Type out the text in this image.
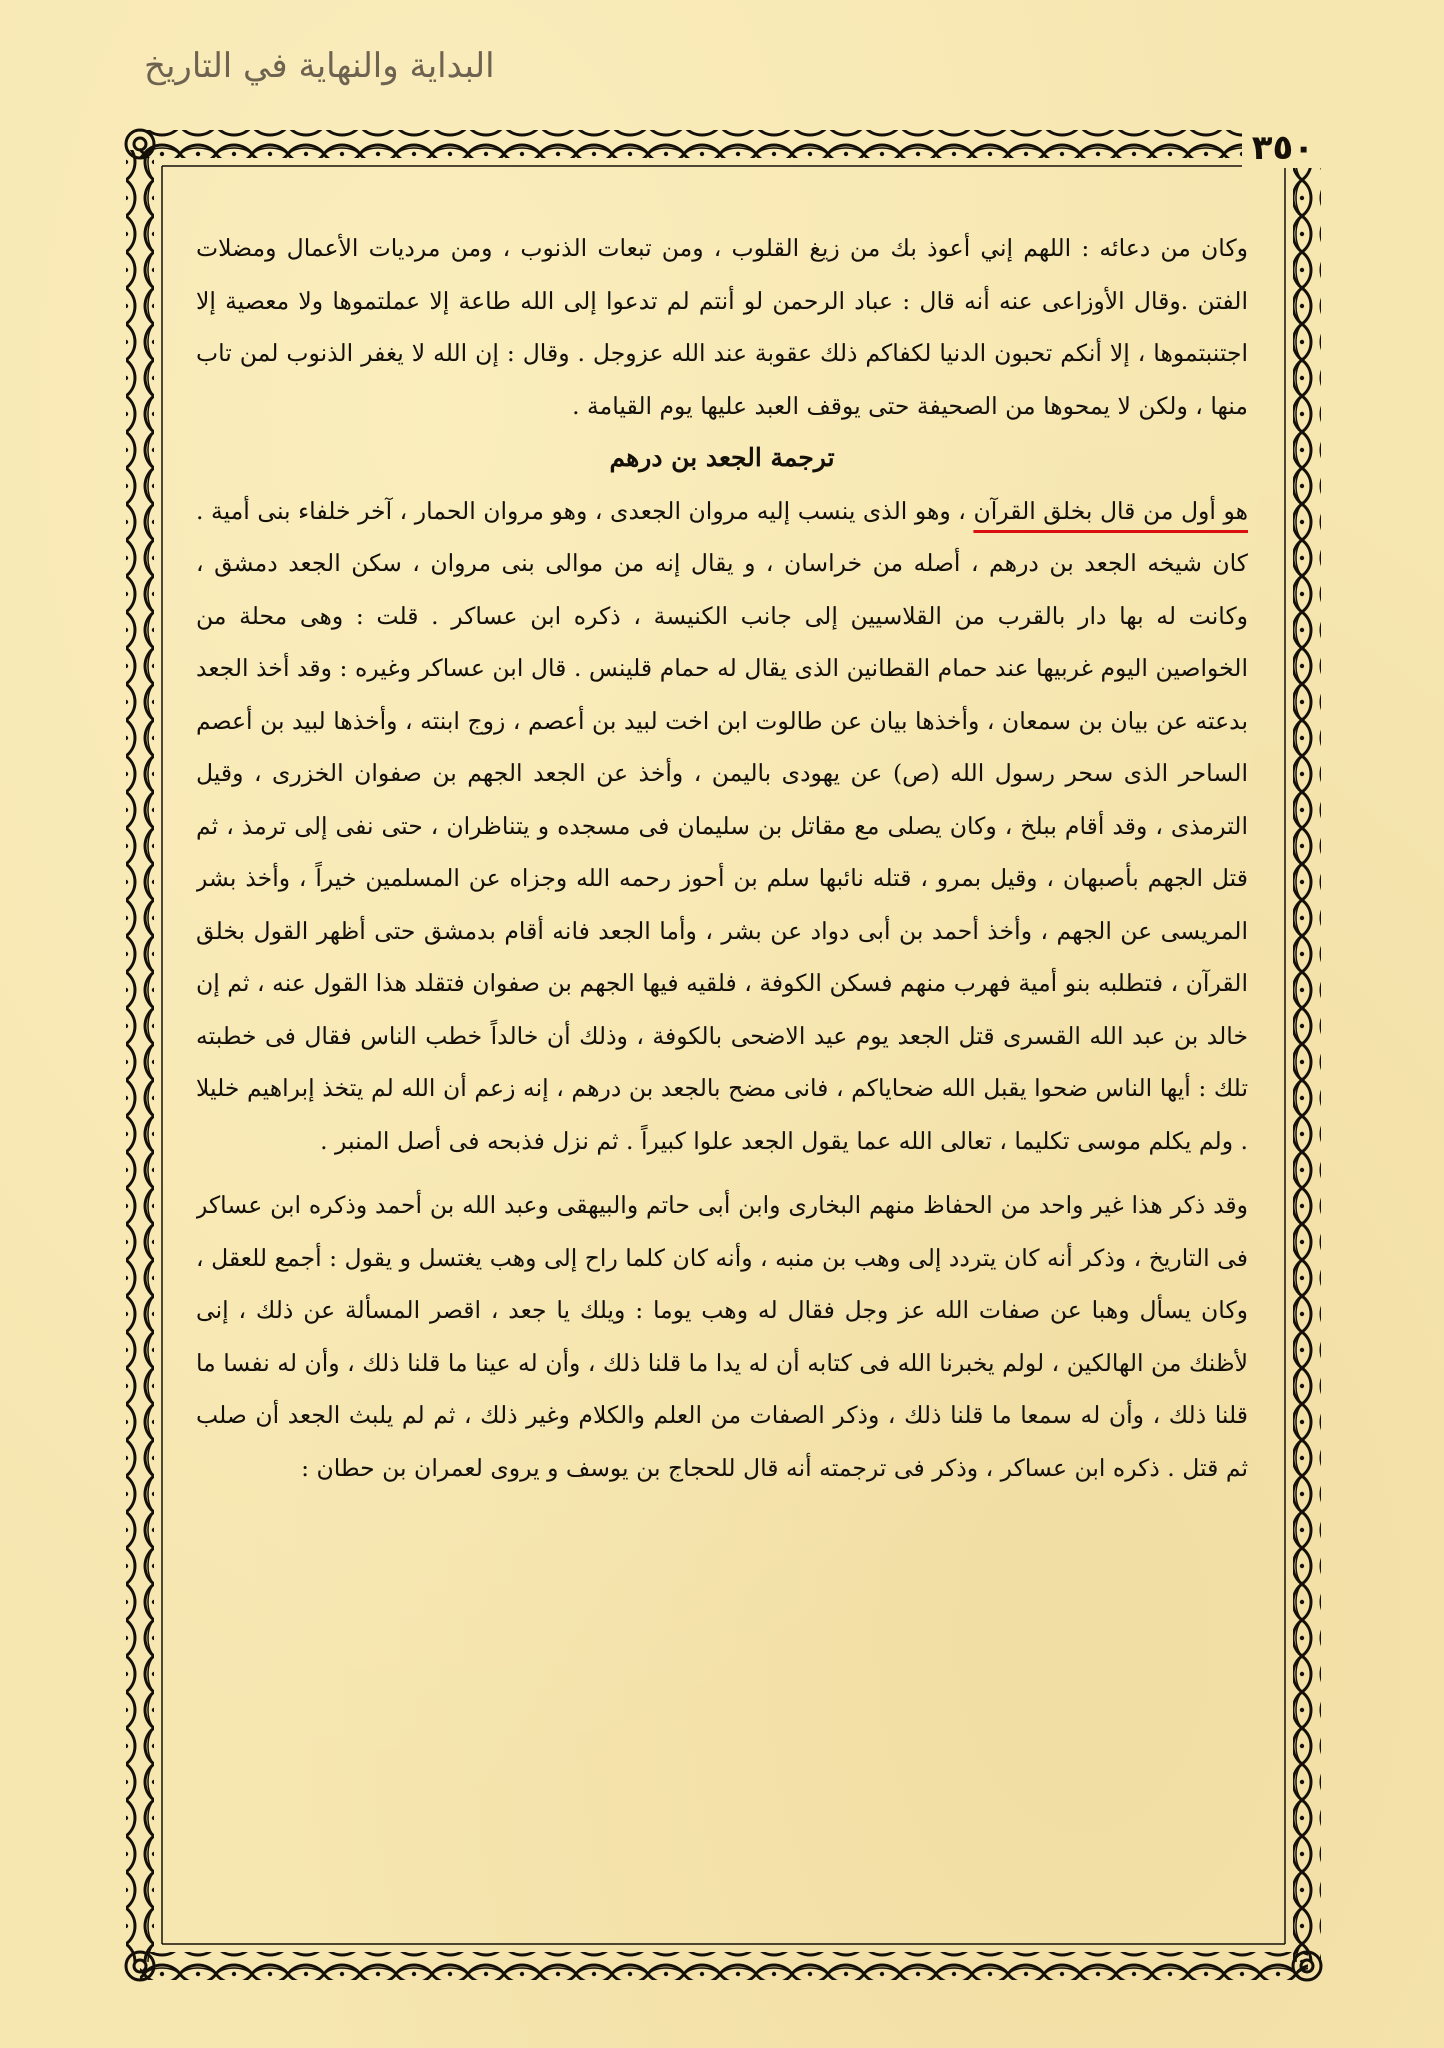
البداية والنهاية في التاريخ
٣٥٠

وكان من دعائه : اللهم إني أعوذ بك من زيغ القلوب ، ومن تبعات الذنوب ، ومن مرديات الأعمال ومضلات الفتن .وقال الأوزاعى عنه أنه قال : عباد الرحمن لو أنتم لم تدعوا إلى الله طاعة إلا عملتموها ولا معصية إلا اجتنبتموها ، إلا أنكم تحبون الدنيا لكفاكم ذلك عقوبة عند الله عزوجل . وقال : إن الله لا يغفر الذنوب لمن تاب منها ، ولكن لا يمحوها من الصحيفة حتى يوقف العبد عليها يوم القيامة .

ترجمة الجعد بن درهم

هو أول من قال بخلق القرآن ، وهو الذى ينسب إليه مروان الجعدى ، وهو مروان الحمار ، آخر خلفاء بنى أمية . كان شيخه الجعد بن درهم ، أصله من خراسان ، و يقال إنه من موالى بنى مروان ، سكن الجعد دمشق ، وكانت له بها دار بالقرب من القلاسيين إلى جانب الكنيسة ، ذكره ابن عساكر . قلت : وهى محلة من الخواصين اليوم غربيها عند حمام القطانين الذى يقال له حمام قلينس . قال ابن عساكر وغيره : وقد أخذ الجعد بدعته عن بيان بن سمعان ، وأخذها بيان عن طالوت ابن اخت لبيد بن أعصم ، زوج ابنته ، وأخذها لبيد بن أعصم الساحر الذى سحر رسول الله (ص) عن يهودى باليمن ، وأخذ عن الجعد الجهم بن صفوان الخزرى ، وقيل الترمذى ، وقد أقام ببلخ ، وكان يصلى مع مقاتل بن سليمان فى مسجده و يتناظران ، حتى نفى إلى ترمذ ، ثم قتل الجهم بأصبهان ، وقيل بمرو ، قتله نائبها سلم بن أحوز رحمه الله وجزاه عن المسلمين خيراً ، وأخذ بشر المريسى عن الجهم ، وأخذ أحمد بن أبى دواد عن بشر ، وأما الجعد فانه أقام بدمشق حتى أظهر القول بخلق القرآن ، فتطلبه بنو أمية فهرب منهم فسكن الكوفة ، فلقيه فيها الجهم بن صفوان فتقلد هذا القول عنه ، ثم إن خالد بن عبد الله القسرى قتل الجعد يوم عيد الاضحى بالكوفة ، وذلك أن خالداً خطب الناس فقال فى خطبته تلك : أيها الناس ضحوا يقبل الله ضحاياكم ، فانى مضح بالجعد بن درهم ، إنه زعم أن الله لم يتخذ إبراهيم خليلا . ولم يكلم موسى تكليما ، تعالى الله عما يقول الجعد علوا كبيراً . ثم نزل فذبحه فى أصل المنبر .

وقد ذكر هذا غير واحد من الحفاظ منهم البخارى وابن أبى حاتم والبيهقى وعبد الله بن أحمد وذكره ابن عساكر فى التاريخ ، وذكر أنه كان يتردد إلى وهب بن منبه ، وأنه كان كلما راح إلى وهب يغتسل و يقول : أجمع للعقل ، وكان يسأل وهبا عن صفات الله عز وجل فقال له وهب يوما : ويلك يا جعد ، اقصر المسألة عن ذلك ، إنى لأظنك من الهالكين ، لولم يخبرنا الله فى كتابه أن له يدا ما قلنا ذلك ، وأن له عينا ما قلنا ذلك ، وأن له نفسا ما قلنا ذلك ، وأن له سمعا ما قلنا ذلك ، وذكر الصفات من العلم والكلام وغير ذلك ، ثم لم يلبث الجعد أن صلب ثم قتل . ذكره ابن عساكر ، وذكر فى ترجمته أنه قال للحجاج بن يوسف و يروى لعمران بن حطان :
